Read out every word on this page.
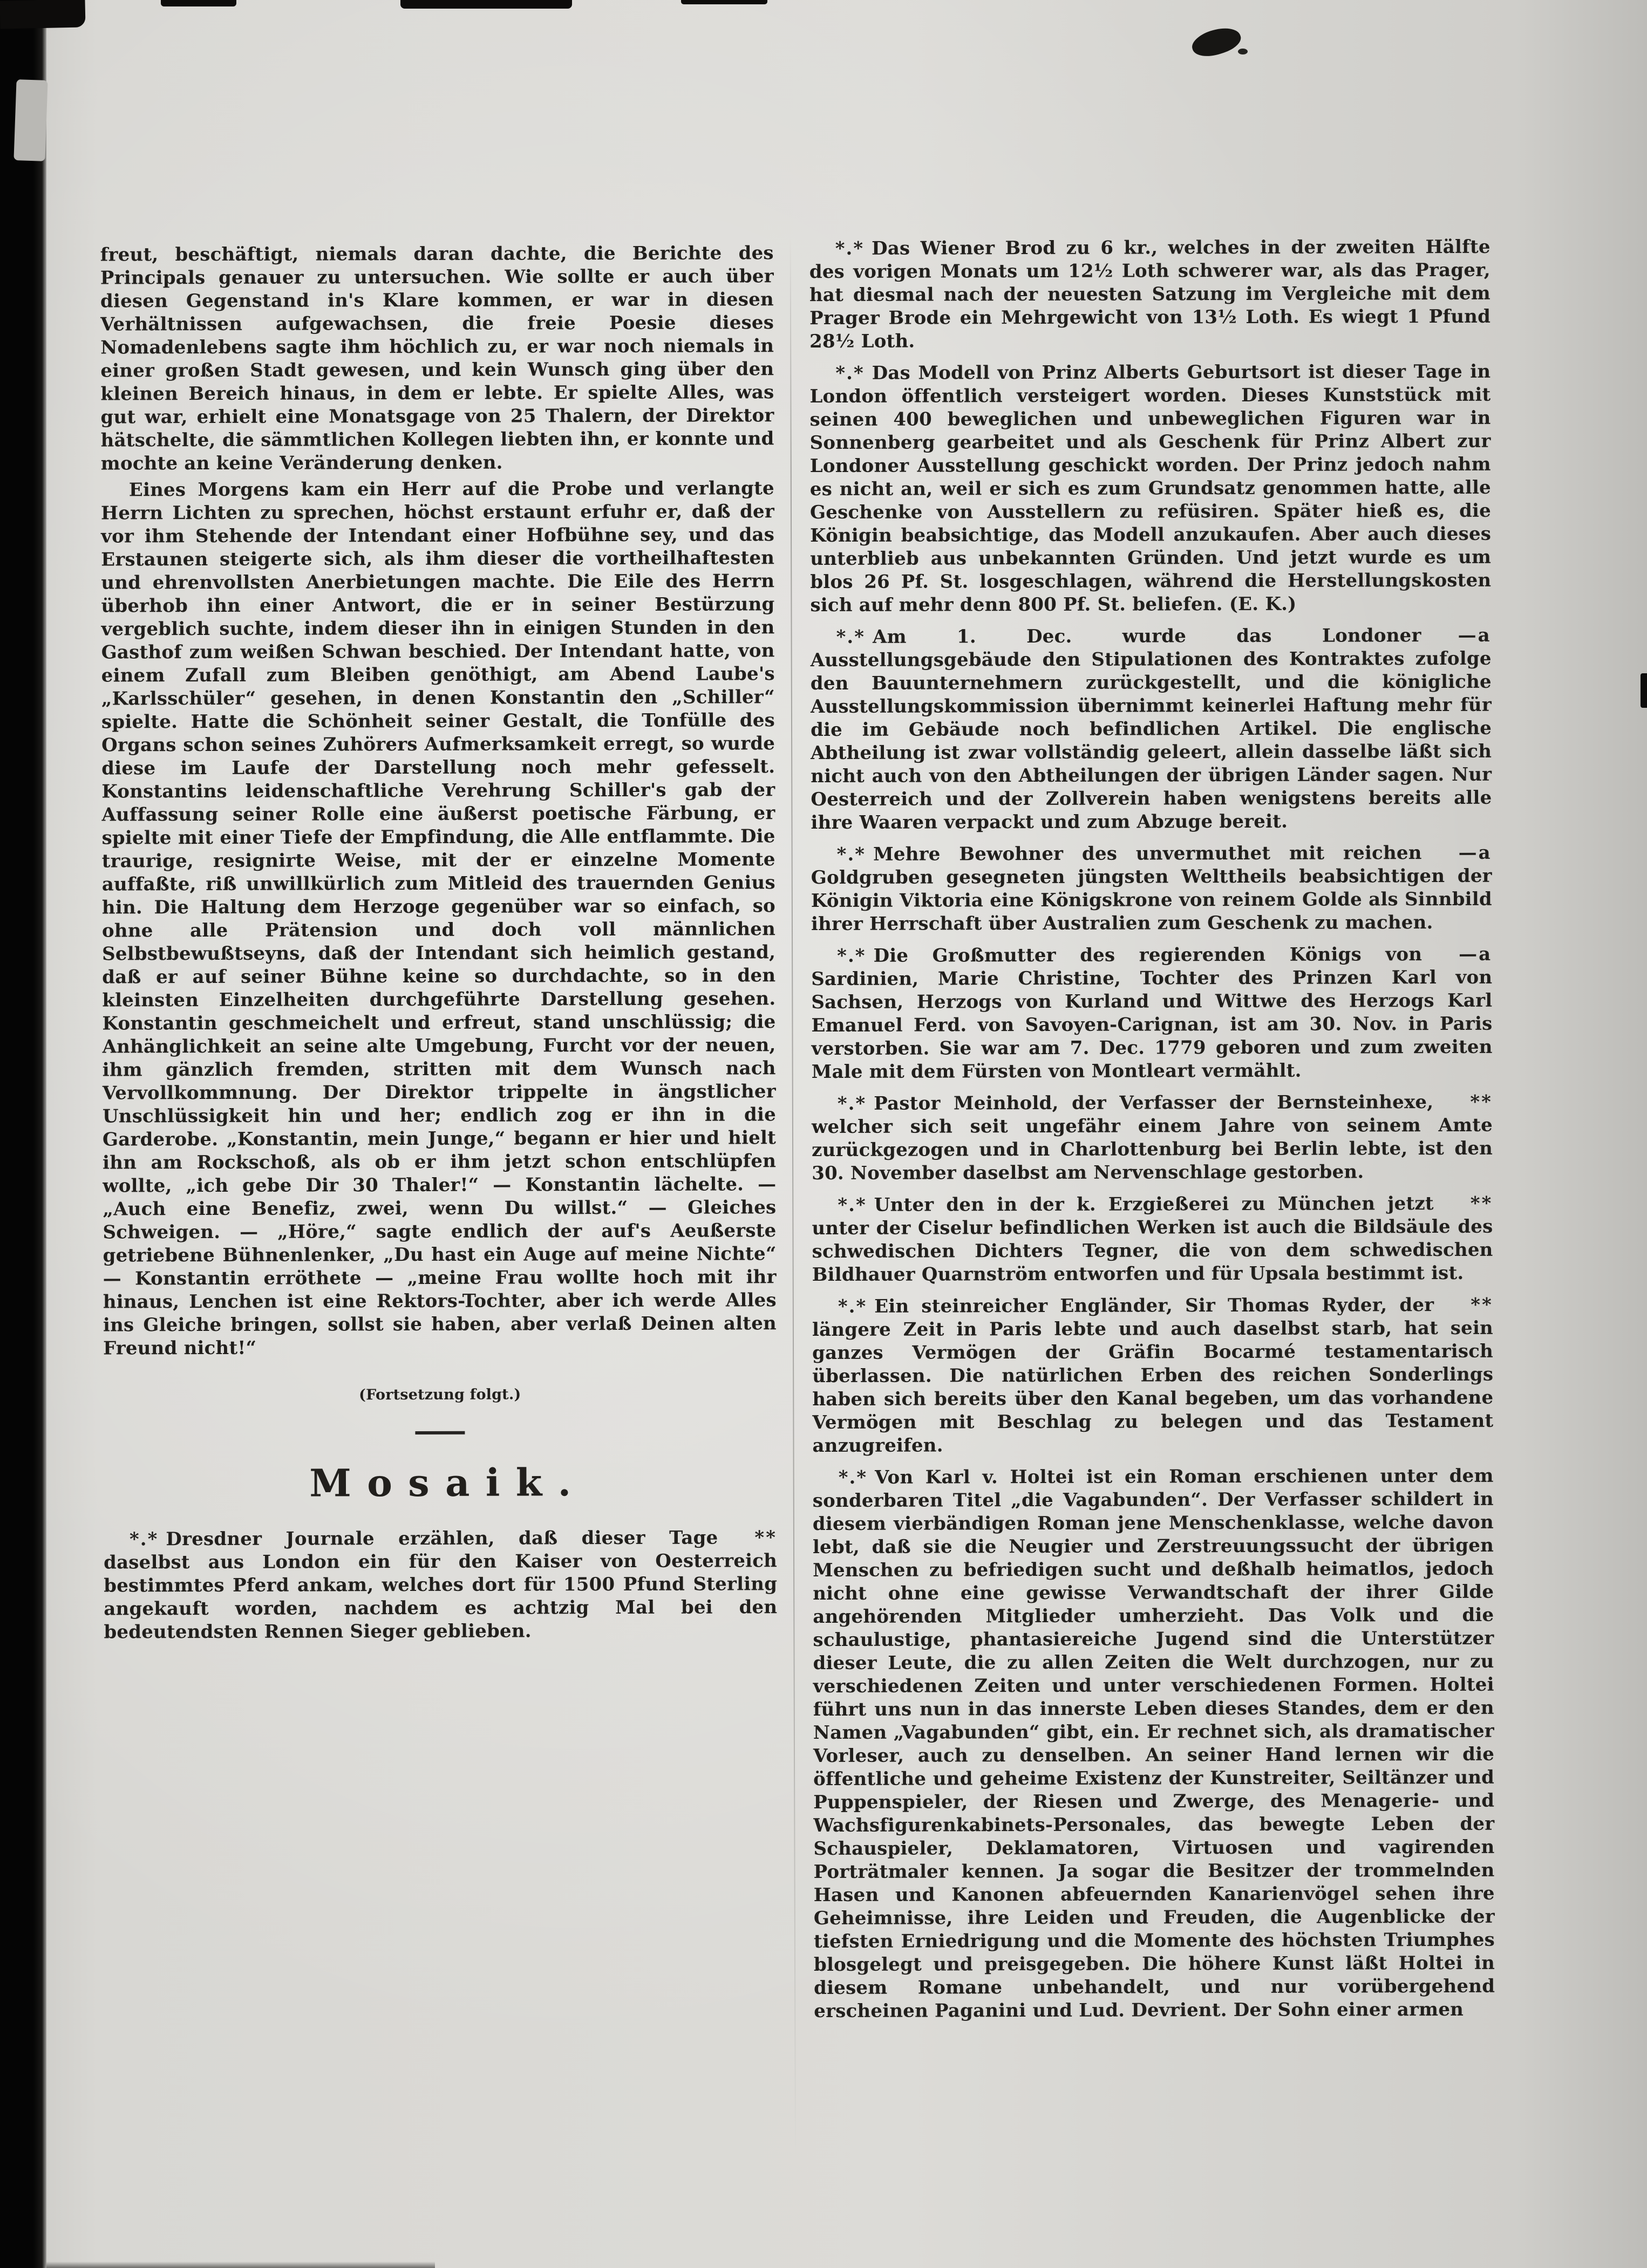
freut, beschäftigt, niemals daran dachte, die Berichte des Principals genauer zu untersuchen. Wie sollte er auch über diesen Gegenstand in's Klare kommen, er war in diesen Verhältnissen aufgewachsen, die freie Poesie dieses Nomadenlebens sagte ihm höchlich zu, er war noch niemals in einer großen Stadt gewesen, und kein Wunsch ging über den kleinen Bereich hinaus, in dem er lebte. Er spielte Alles, was gut war, erhielt eine Monatsgage von 25 Thalern, der Direktor hätschelte, die sämmtlichen Kollegen liebten ihn, er konnte und mochte an keine Veränderung denken.

Eines Morgens kam ein Herr auf die Probe und verlangte Herrn Lichten zu sprechen, höchst erstaunt erfuhr er, daß der vor ihm Stehende der Intendant einer Hofbühne sey, und das Erstaunen steigerte sich, als ihm dieser die vortheilhaftesten und ehrenvollsten Anerbietungen machte. Die Eile des Herrn überhob ihn einer Antwort, die er in seiner Bestürzung vergeblich suchte, indem dieser ihn in einigen Stunden in den Gasthof zum weißen Schwan beschied. Der Intendant hatte, von einem Zufall zum Bleiben genöthigt, am Abend Laube's „Karlsschüler“ gesehen, in denen Konstantin den „Schiller“ spielte. Hatte die Schönheit seiner Gestalt, die Tonfülle des Organs schon seines Zuhörers Aufmerksamkeit erregt, so wurde diese im Laufe der Darstellung noch mehr gefesselt. Konstantins leidenschaftliche Verehrung Schiller's gab der Auffassung seiner Rolle eine äußerst poetische Färbung, er spielte mit einer Tiefe der Empfindung, die Alle entflammte. Die traurige, resignirte Weise, mit der er einzelne Momente auffaßte, riß unwillkürlich zum Mitleid des trauernden Genius hin. Die Haltung dem Herzoge gegenüber war so einfach, so ohne alle Prätension und doch voll männlichen Selbstbewußtseyns, daß der Intendant sich heimlich gestand, daß er auf seiner Bühne keine so durchdachte, so in den kleinsten Einzelheiten durchgeführte Darstellung gesehen. Konstantin geschmeichelt und erfreut, stand unschlüssig; die Anhänglichkeit an seine alte Umgebung, Furcht vor der neuen, ihm gänzlich fremden, stritten mit dem Wunsch nach Vervollkommnung. Der Direktor trippelte in ängstlicher Unschlüssigkeit hin und her; endlich zog er ihn in die Garderobe. „Konstantin, mein Junge,“ begann er hier und hielt ihn am Rockschoß, als ob er ihm jetzt schon entschlüpfen wollte, „ich gebe Dir 30 Thaler!“ — Konstantin lächelte. — „Auch eine Benefiz, zwei, wenn Du willst.“ — Gleiches Schweigen. — „Höre,“ sagte endlich der auf's Aeußerste getriebene Bühnenlenker, „Du hast ein Auge auf meine Nichte“ — Konstantin erröthete — „meine Frau wollte hoch mit ihr hinaus, Lenchen ist eine Rektors-Tochter, aber ich werde Alles ins Gleiche bringen, sollst sie haben, aber verlaß Deinen alten Freund nicht!“

(Fortsetzung folgt.)

Mosaik.

*.*	**
Dresdner Journale erzählen, daß dieser Tage daselbst aus London ein für den Kaiser von Oesterreich bestimmtes Pferd ankam, welches dort für 1500 Pfund Sterling angekauft worden, nachdem es achtzig Mal bei den bedeutendsten Rennen Sieger geblieben.

*.* Das Wiener Brod zu 6 kr., welches in der zweiten Hälfte des vorigen Monats um 12½ Loth schwerer war, als das Prager, hat diesmal nach der neuesten Satzung im Vergleiche mit dem Prager Brode ein Mehrgewicht von 13½ Loth. Es wiegt 1 Pfund 28½ Loth.

*.* Das Modell von Prinz Alberts Geburtsort ist dieser Tage in London öffentlich versteigert worden. Dieses Kunststück mit seinen 400 beweglichen und unbeweglichen Figuren war in Sonnenberg gearbeitet und als Geschenk für Prinz Albert zur Londoner Ausstellung geschickt worden. Der Prinz jedoch nahm es nicht an, weil er sich es zum Grundsatz genommen hatte, alle Geschenke von Ausstellern zu refüsiren. Später hieß es, die Königin beabsichtige, das Modell anzukaufen. Aber auch dieses unterblieb aus unbekannten Gründen. Und jetzt wurde es um blos 26 Pf. St. losgeschlagen, während die Herstellungskosten sich auf mehr denn 800 Pf. St. beliefen. (E. K.)

*.*	—a
Am 1. Dec. wurde das Londoner Ausstellungsgebäude den Stipulationen des Kontraktes zufolge den Bauunternehmern zurückgestellt, und die königliche Ausstellungskommission übernimmt keinerlei Haftung mehr für die im Gebäude noch befindlichen Artikel. Die englische Abtheilung ist zwar vollständig geleert, allein dasselbe läßt sich nicht auch von den Abtheilungen der übrigen Länder sagen. Nur Oesterreich und der Zollverein haben wenigstens bereits alle ihre Waaren verpackt und zum Abzuge bereit.

*.*	—a
Mehre Bewohner des unvermuthet mit reichen Goldgruben gesegneten jüngsten Welttheils beabsichtigen der Königin Viktoria eine Königskrone von reinem Golde als Sinnbild ihrer Herrschaft über Australien zum Geschenk zu machen.

*.*	—a
Die Großmutter des regierenden Königs von Sardinien, Marie Christine, Tochter des Prinzen Karl von Sachsen, Herzogs von Kurland und Wittwe des Herzogs Karl Emanuel Ferd. von Savoyen-Carignan, ist am 30. Nov. in Paris verstorben. Sie war am 7. Dec. 1779 geboren und zum zweiten Male mit dem Fürsten von Montleart vermählt.

*.*	**
Pastor Meinhold, der Verfasser der Bernsteinhexe, welcher sich seit ungefähr einem Jahre von seinem Amte zurückgezogen und in Charlottenburg bei Berlin lebte, ist den 30. November daselbst am Nervenschlage gestorben.

*.*	**
Unter den in der k. Erzgießerei zu München jetzt unter der Ciselur befindlichen Werken ist auch die Bildsäule des schwedischen Dichters Tegner, die von dem schwedischen Bildhauer Quarnström entworfen und für Upsala bestimmt ist.

*.*	**
Ein steinreicher Engländer, Sir Thomas Ryder, der längere Zeit in Paris lebte und auch daselbst starb, hat sein ganzes Vermögen der Gräfin Bocarmé testamentarisch überlassen. Die natürlichen Erben des reichen Sonderlings haben sich bereits über den Kanal begeben, um das vorhandene Vermögen mit Beschlag zu belegen und das Testament anzugreifen.

*.* Von Karl v. Holtei ist ein Roman erschienen unter dem sonderbaren Titel „die Vagabunden“. Der Verfasser schildert in diesem vierbändigen Roman jene Menschenklasse, welche davon lebt, daß sie die Neugier und Zerstreuungssucht der übrigen Menschen zu befriedigen sucht und deßhalb heimatlos, jedoch nicht ohne eine gewisse Verwandtschaft der ihrer Gilde angehörenden Mitglieder umherzieht. Das Volk und die schaulustige, phantasiereiche Jugend sind die Unterstützer dieser Leute, die zu allen Zeiten die Welt durchzogen, nur zu verschiedenen Zeiten und unter verschiedenen Formen. Holtei führt uns nun in das innerste Leben dieses Standes, dem er den Namen „Vagabunden“ gibt, ein. Er rechnet sich, als dramatischer Vorleser, auch zu denselben. An seiner Hand lernen wir die öffentliche und geheime Existenz der Kunstreiter, Seiltänzer und Puppenspieler, der Riesen und Zwerge, des Menagerie- und Wachsfigurenkabinets-Personales, das bewegte Leben der Schauspieler, Deklamatoren, Virtuosen und vagirenden Porträtmaler kennen. Ja sogar die Besitzer der trommelnden Hasen und Kanonen abfeuernden Kanarienvögel sehen ihre Geheimnisse, ihre Leiden und Freuden, die Augenblicke der tiefsten Erniedrigung und die Momente des höchsten Triumphes blosgelegt und preisgegeben. Die höhere Kunst läßt Holtei in diesem Romane unbehandelt, und nur vorübergehend erscheinen Paganini und Lud. Devrient. Der Sohn einer armen
